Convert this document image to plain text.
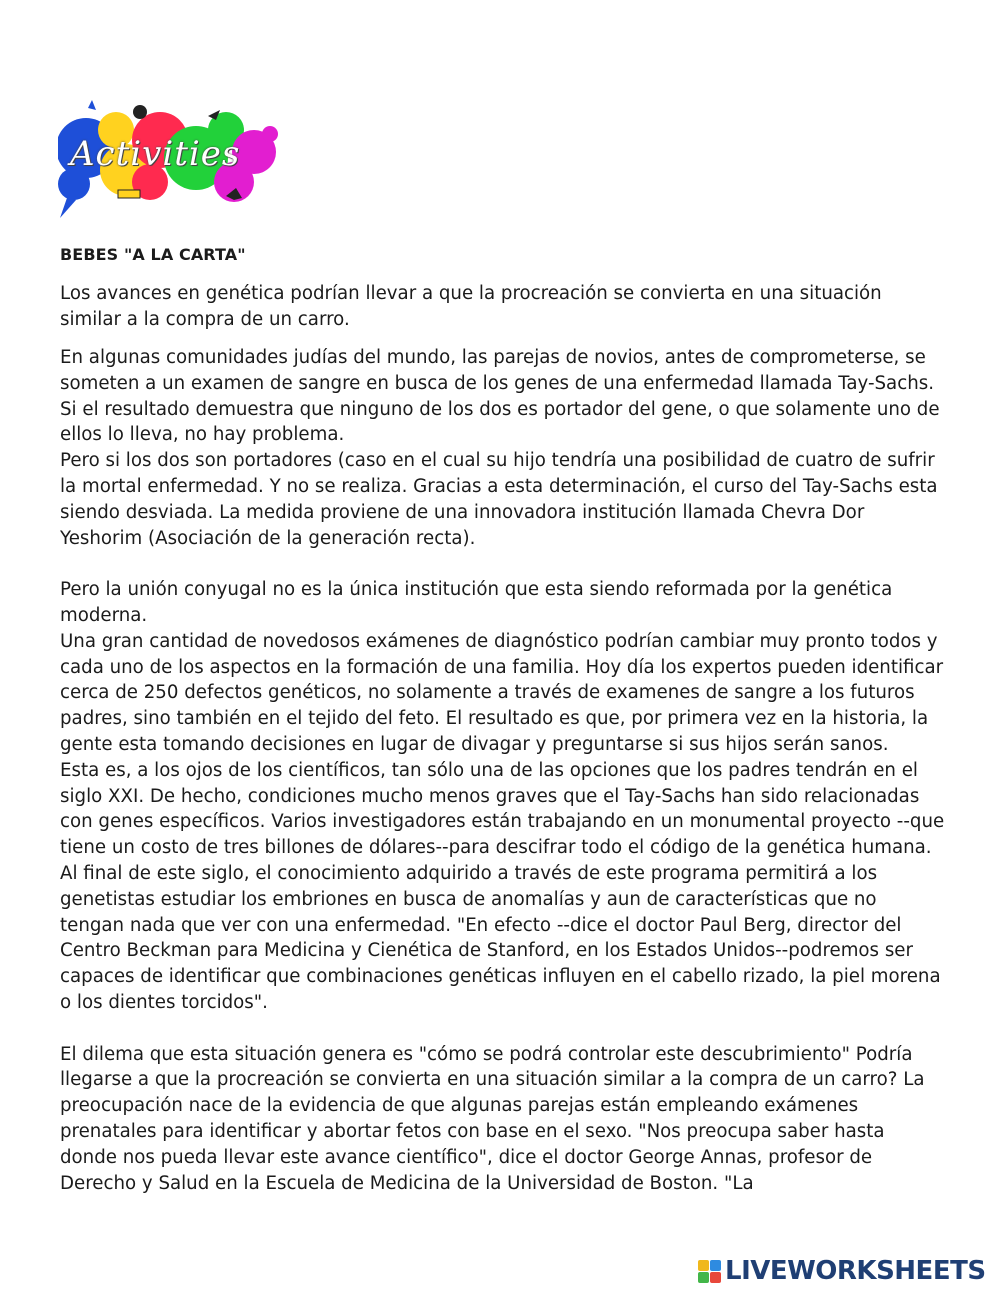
Activities
BEBES "A LA CARTA"

Los avances en genética podrían llevar a que la procreación se convierta en una situación similar a la compra de un carro.

En algunas comunidades judías del mundo, las parejas de novios, antes de comprometerse, se someten a un examen de sangre en busca de los genes de una enfermedad llamada Tay-Sachs. Si el resultado demuestra que ninguno de los dos es portador del gene, o que solamente uno de ellos lo lleva, no hay problema.

Pero si los dos son portadores (caso en el cual su hijo tendría una posibilidad de cuatro de sufrir la mortal enfermedad. Y no se realiza. Gracias a esta determinación, el curso del Tay-Sachs esta siendo desviada. La medida proviene de una innovadora institución llamada Chevra Dor Yeshorim (Asociación de la generación recta).

Pero la unión conyugal no es la única institución que esta siendo reformada por la genética moderna.

Una gran cantidad de novedosos exámenes de diagnóstico podrían cambiar muy pronto todos y cada uno de los aspectos en la formación de una familia. Hoy día los expertos pueden identificar cerca de 250 defectos genéticos, no solamente a través de examenes de sangre a los futuros padres, sino también en el tejido del feto. El resultado es que, por primera vez en la historia, la gente esta tomando decisiones en lugar de divagar y preguntarse si sus hijos serán sanos.

Esta es, a los ojos de los científicos, tan sólo una de las opciones que los padres tendrán en el siglo XXI. De hecho, condiciones mucho menos graves que el Tay-Sachs han sido relacionadas con genes específicos. Varios investigadores están trabajando en un monumental proyecto --que tiene un costo de tres billones de dólares--para descifrar todo el código de la genética humana. Al final de este siglo, el conocimiento adquirido a través de este programa permitirá a los genetistas estudiar los embriones en busca de anomalías y aun de características que no tengan nada que ver con una enfermedad. "En efecto --dice el doctor Paul Berg, director del Centro Beckman para Medicina y Cienética de Stanford, en los Estados Unidos--podremos ser capaces de identificar que combinaciones genéticas influyen en el cabello rizado, la piel morena o los dientes torcidos".

El dilema que esta situación genera es "cómo se podrá controlar este descubrimiento" Podría llegarse a que la procreación se convierta en una situación similar a la compra de un carro? La preocupación nace de la evidencia de que algunas parejas están empleando exámenes prenatales para identificar y abortar fetos con base en el sexo. "Nos preocupa saber hasta donde nos pueda llevar este avance científico", dice el doctor George Annas, profesor de Derecho y Salud en la Escuela de Medicina de la Universidad de Boston. "La

LIVEWORKSHEETS
